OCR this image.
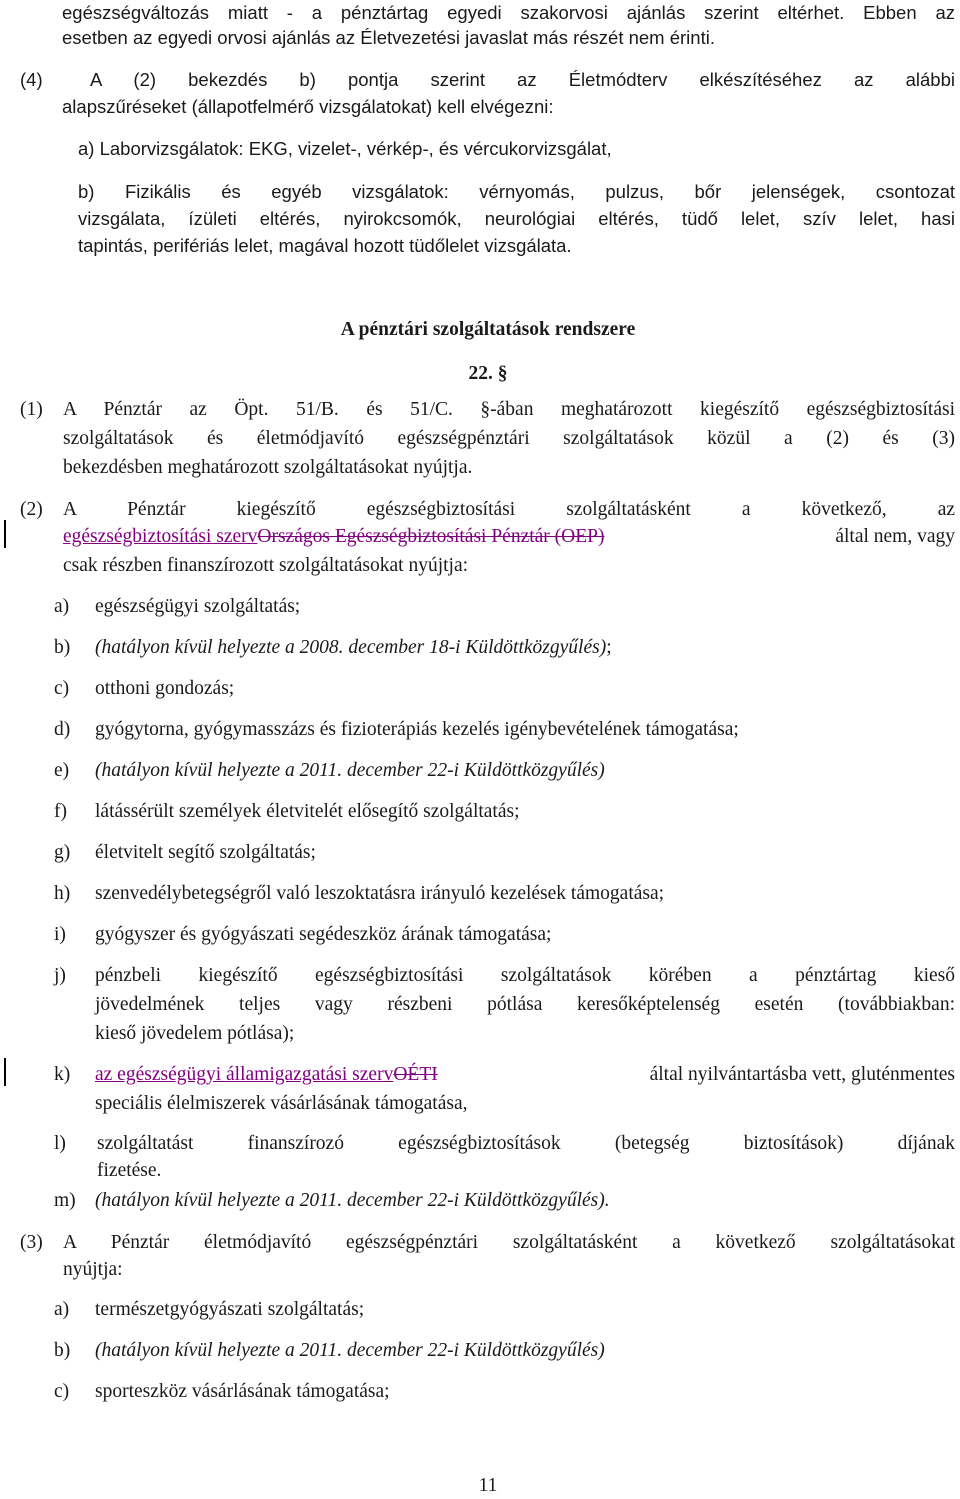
egészségváltozás miatt - a pénztártag egyedi szakorvosi ajánlás szerint eltérhet. Ebben az
esetben az egyedi orvosi ajánlás az Életvezetési javaslat más részét nem érinti.
(4)	A (2) bekezdés b) pontja szerint az Életmódterv elkészítéséhez az alábbi
alapszűréseket (állapotfelmérő vizsgálatokat) kell elvégezni:
a) Laborvizsgálatok: EKG, vizelet-, vérkép-, és vércukorvizsgálat,
b) Fizikális és egyéb vizsgálatok: vérnyomás, pulzus, bőr jelenségek, csontozat
vizsgálata, ízületi eltérés, nyirokcsomók, neurológiai eltérés, tüdő lelet, szív lelet, hasi
tapintás, perifériás lelet, magával hozott tüdőlelet vizsgálata.
A pénztári szolgáltatások rendszere
22. §
(1) A Pénztár az Öpt. 51/B. és 51/C. §-ában meghatározott kiegészítő egészségbiztosítási
szolgáltatások és életmódjavító egészségpénztári szolgáltatások közül a (2) és (3)
bekezdésben meghatározott szolgáltatásokat nyújtja.
(2) A Pénztár kiegészítő egészségbiztosítási szolgáltatásként a következő, az
egészségbiztosítási szervOrszágos Egészségbiztosítási Pénztár (OEP)	által nem, vagy
csak részben finanszírozott szolgáltatásokat nyújtja:
a) egészségügyi szolgáltatás;
b) (hatályon kívül helyezte a 2008. december 18-i Küldöttközgyűlés);
c) otthoni gondozás;
d) gyógytorna, gyógymasszázs és fizioterápiás kezelés igénybevételének támogatása;
e) (hatályon kívül helyezte a 2011. december 22-i Küldöttközgyűlés)
f) látássérült személyek életvitelét elősegítő szolgáltatás;
g) életvitelt segítő szolgáltatás;
h) szenvedélybetegségről való leszoktatásra irányuló kezelések támogatása;
i) gyógyszer és gyógyászati segédeszköz árának támogatása;
j) pénzbeli kiegészítő egészségbiztosítási szolgáltatások körében a pénztártag kieső
jövedelmének teljes vagy részbeni pótlása keresőképtelenség esetén (továbbiakban:
kieső jövedelem pótlása);
k) az egészségügyi államigazgatási szervOÉTI	által nyilvántartásba vett, gluténmentes
speciális élelmiszerek vásárlásának támogatása,
l) szolgáltatást finanszírozó egészségbiztosítások (betegség biztosítások) díjának
fizetése.
m) (hatályon kívül helyezte a 2011. december 22-i Küldöttközgyűlés).
(3) A Pénztár életmódjavító egészségpénztári szolgáltatásként a következő szolgáltatásokat
nyújtja:
a) természetgyógyászati szolgáltatás;
b) (hatályon kívül helyezte a 2011. december 22-i Küldöttközgyűlés)
c) sporteszköz vásárlásának támogatása;
11
